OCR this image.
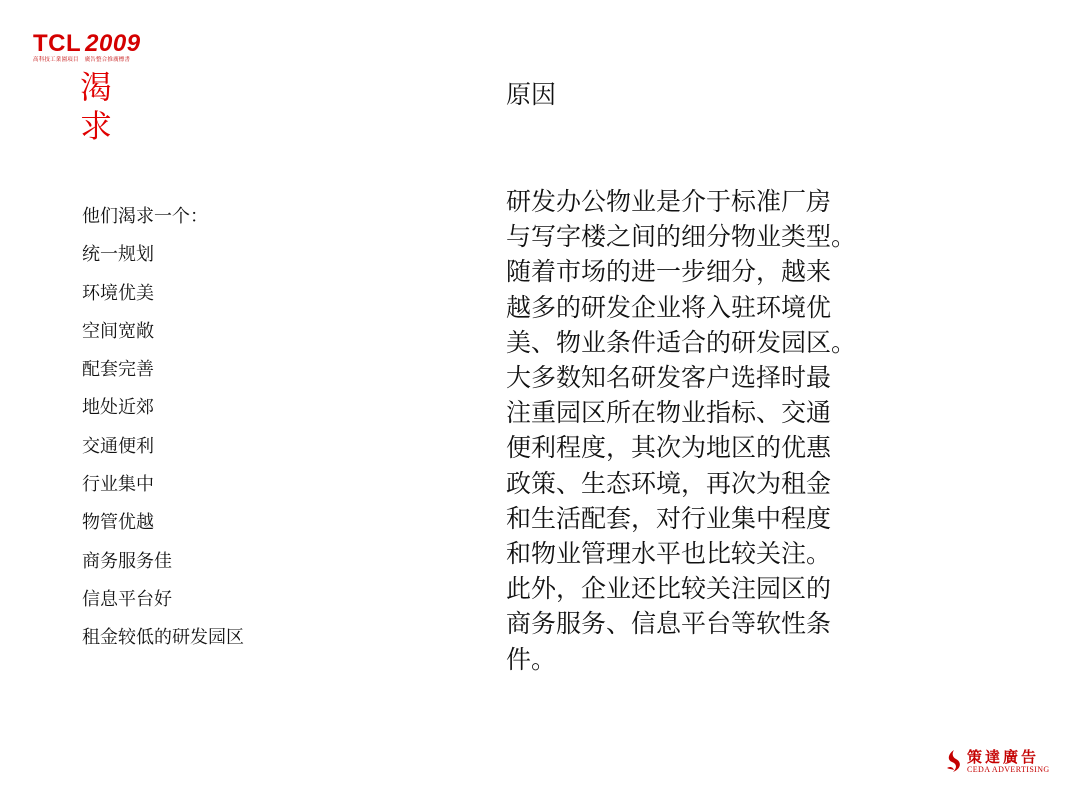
TCL 2009
高科技工業園項目 廣告整合推廣標書
渴
求
他们渴求一个：
统一规划
环境优美
空间宽敞
配套完善
地处近郊
交通便利
行业集中
物管优越
商务服务佳
信息平台好
租金较低的研发园区
原因
研发办公物业是介于标准厂房
与写字楼之间的细分物业类型。
随着市场的进一步细分，越来
越多的研发企业将入驻环境优
美、物业条件适合的研发园区。
大多数知名研发客户选择时最
注重园区所在物业指标、交通
便利程度，其次为地区的优惠
政策、生态环境，再次为租金
和生活配套，对行业集中程度
和物业管理水平也比较关注。
此外，企业还比较关注园区的
商务服务、信息平台等软性条
件。
策達廣告
CEDA ADVERTISING
